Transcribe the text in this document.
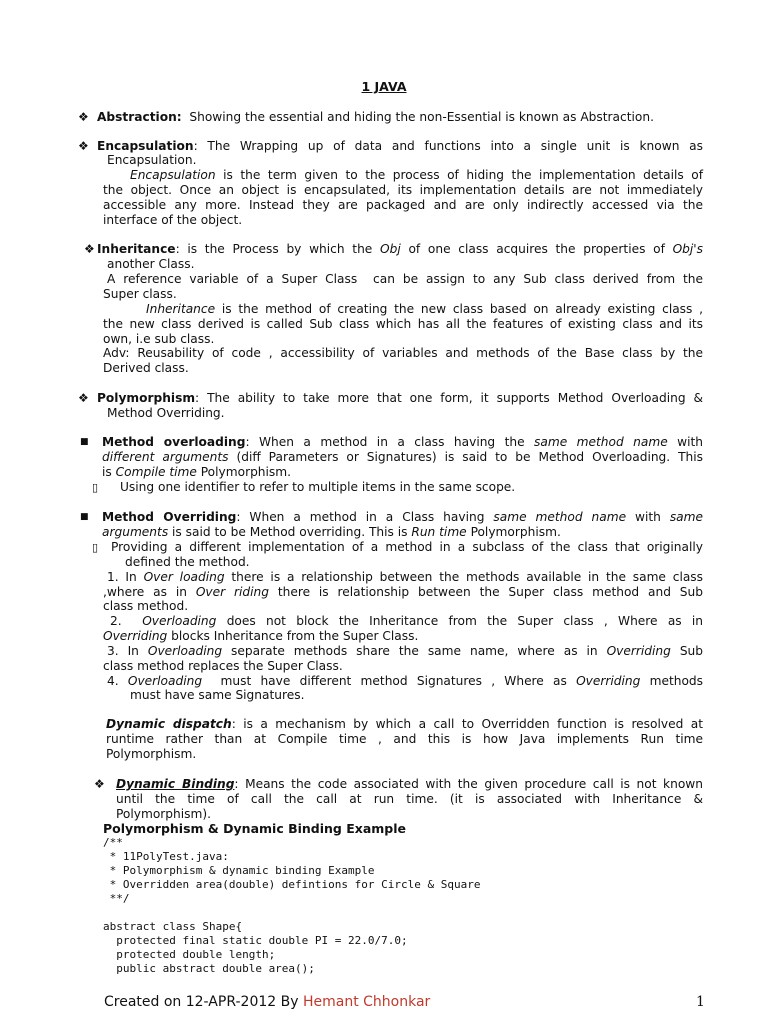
1 JAVA
❖ Abstraction: Showing the essential and hiding the non-Essential is known as Abstraction.
❖ Encapsulation: The Wrapping up of data and functions into a single unit is known as
Encapsulation.
Encapsulation is the term given to the process of hiding the implementation details of
the object. Once an object is encapsulated, its implementation details are not immediately
accessible any more. Instead they are packaged and are only indirectly accessed via the
interface of the object.
❖ Inheritance: is the Process by which the Obj of one class acquires the properties of Obj's
another Class.
A reference variable of a Super Class  can be assign to any Sub class derived from the
Super class.
Inheritance is the method of creating the new class based on already existing class ,
the new class derived is called Sub class which has all the features of existing class and its
own, i.e sub class.
Adv: Reusability of code , accessibility of variables and methods of the Base class by the
Derived class.
❖ Polymorphism: The ability to take more that one form, it supports Method Overloading &
Method Overriding.
■ Method overloading: When a method in a class having the same method name with
different arguments (diff Parameters or Signatures) is said to be Method Overloading. This
is Compile time Polymorphism.
▯ Using one identifier to refer to multiple items in the same scope.
■ Method Overriding: When a method in a Class having same method name with same
arguments is said to be Method overriding. This is Run time Polymorphism.
▯ Providing a different implementation of a method in a subclass of the class that originally
defined the method.
1. In Over loading there is a relationship between the methods available in the same class
,where as in Over riding there is relationship between the Super class method and Sub
class method.
2. Overloading does not block the Inheritance from the Super class , Where as in
Overriding blocks Inheritance from the Super Class.
3. In Overloading separate methods share the same name, where as in Overriding Sub
class method replaces the Super Class.
4. Overloading must have different method Signatures , Where as Overriding methods
must have same Signatures.
Dynamic dispatch: is a mechanism by which a call to Overridden function is resolved at
runtime rather than at Compile time , and this is how Java implements Run time
Polymorphism.
❖ Dynamic Binding: Means the code associated with the given procedure call is not known
until the time of call the call at run time. (it is associated with Inheritance &
Polymorphism).
Polymorphism & Dynamic Binding Example
/**
* 11PolyTest.java:
* Polymorphism & dynamic binding Example
* Overridden area(double) defintions for Circle & Square
**/

abstract class Shape{
protected final static double PI = 22.0/7.0;
protected double length;
public abstract double area();
Created on 12-APR-2012 By Hemant Chhonkar	1
